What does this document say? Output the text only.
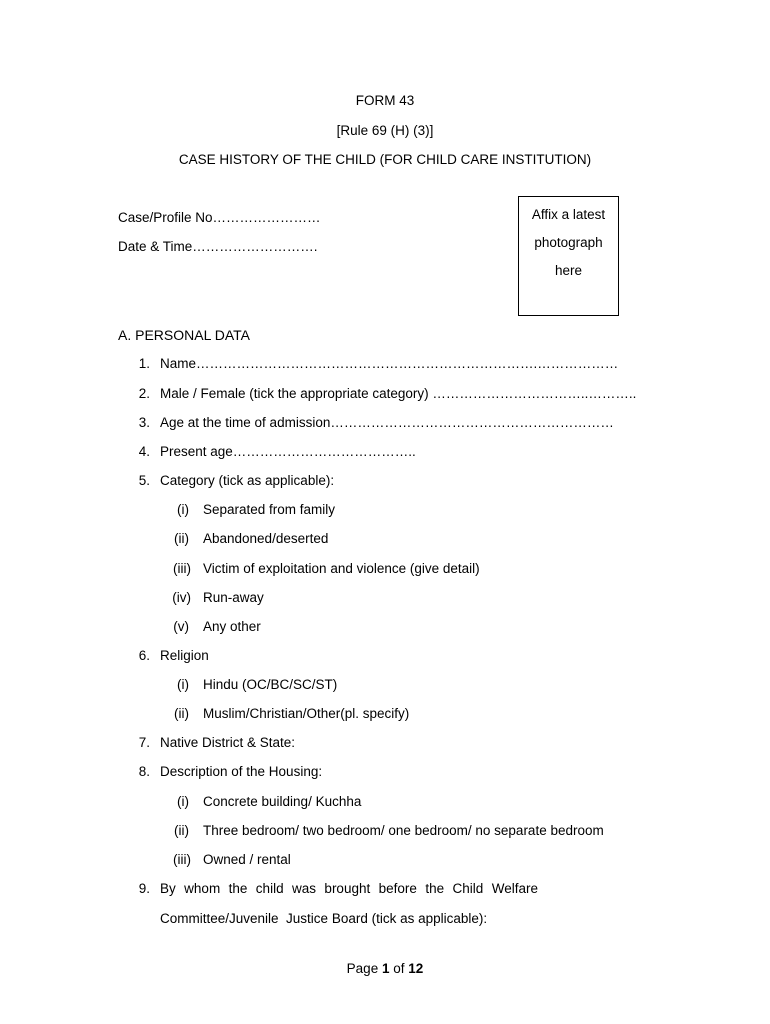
FORM 43
[Rule 69 (H) (3)]
CASE HISTORY OF THE CHILD (FOR CHILD CARE INSTITUTION)
Case/Profile No……………………
Date & Time……………………….
Affix a latest
photograph
here
A. PERSONAL DATA
1. Name………………………………………………………………….………………
2. Male / Female (tick the appropriate category) ……………………………..………..
3. Age at the time of admission………………………………………………………
4. Present age…………………………………..
5. Category (tick as applicable):
(i) Separated from family
(ii) Abandoned/deserted
(iii) Victim of exploitation and violence (give detail)
(iv) Run-away
(v) Any other
6. Religion
(i) Hindu (OC/BC/SC/ST)
(ii) Muslim/Christian/Other(pl. specify)
7. Native District & State:
8. Description of the Housing:
(i) Concrete building/ Kuchha
(ii) Three bedroom/ two bedroom/ one bedroom/ no separate bedroom
(iii) Owned / rental
9. By  whom  the  child  was  brought  before  the  Child  Welfare
Committee/Juvenile  Justice Board (tick as applicable):
Page 1 of 12
